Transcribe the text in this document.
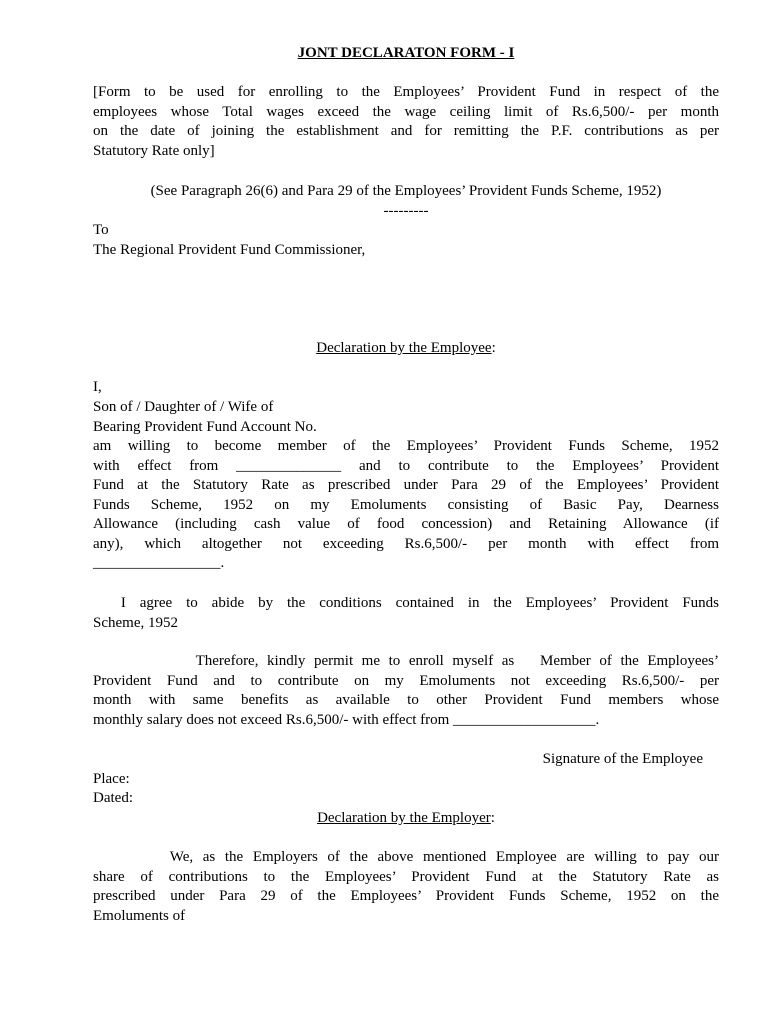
JONT DECLARATON FORM - I
[Form to be used for enrolling to the Employees’ Provident Fund in respect of the
employees whose Total wages exceed the wage ceiling limit of Rs.6,500/- per month
on the date of joining the establishment and for remitting the P.F. contributions as per
Statutory Rate only]
(See Paragraph 26(6) and Para 29 of the Employees’ Provident Funds Scheme, 1952)
---------
To
The Regional Provident Fund Commissioner,
Declaration by the Employee:
I,
Son of / Daughter of / Wife of
Bearing Provident Fund Account No.
am willing to become member of the Employees’ Provident Funds Scheme, 1952
with effect from ______________ and to contribute to the Employees’ Provident
Fund at the Statutory Rate as prescribed under Para 29 of the Employees’ Provident
Funds Scheme, 1952 on my Emoluments consisting of Basic Pay, Dearness
Allowance (including cash value of food concession) and Retaining Allowance (if
any), which altogether not exceeding Rs.6,500/- per month with effect from
_________________.
I agree to abide by the conditions contained in the Employees’ Provident Funds
Scheme, 1952
Therefore, kindly permit me to enroll myself as   Member of the Employees’
Provident Fund and to contribute on my Emoluments not exceeding Rs.6,500/- per
month with same benefits as available to other Provident Fund members whose
monthly salary does not exceed Rs.6,500/- with effect from ___________________.
Signature of the Employee
Place:
Dated:
Declaration by the Employer:
We, as the Employers of the above mentioned Employee are willing to pay our
share of contributions to the Employees’ Provident Fund at the Statutory Rate as
prescribed under Para 29 of the Employees’ Provident Funds Scheme, 1952 on the
Emoluments of
